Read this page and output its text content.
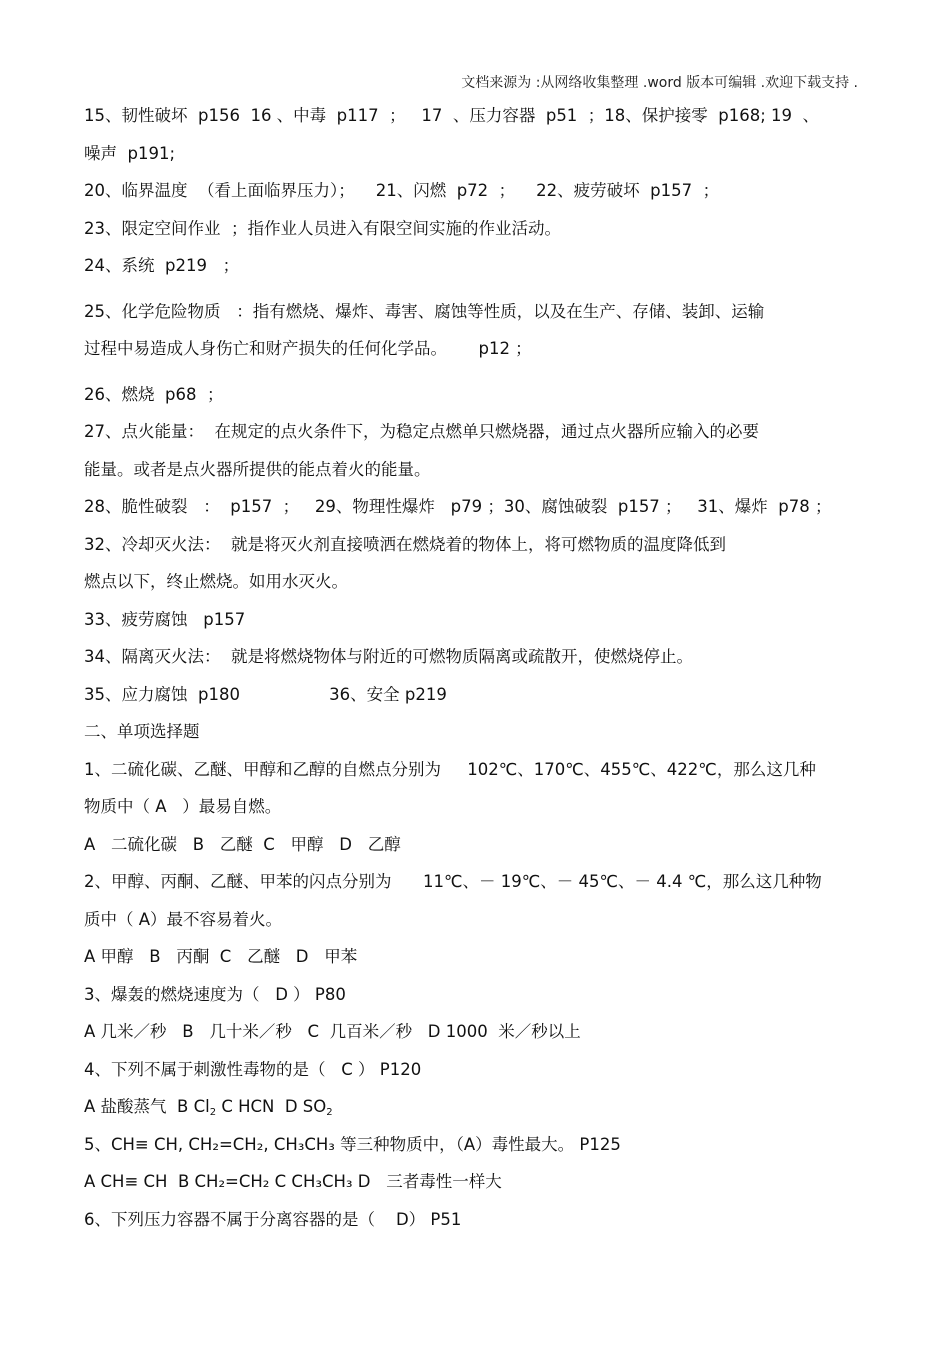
文档来源为 :从网络收集整理 .word 版本可编辑 .欢迎下载支持 .
15、韧性破坏  p156  16 、中毒  p117  ；   17  、压力容器  p51  ；18、保护接零  p168; 19  、
噪声  p191;
20、临界温度  （看上面临界压力）；    21、闪燃  p72  ；    22、疲劳破坏  p157  ；
23、限定空间作业  ；指作业人员进入有限空间实施的作业活动。
24、系统  p219   ；
25、化学危险物质   ：指有燃烧、爆炸、毒害、腐蚀等性质，以及在生产、存储、装卸、运输
过程中易造成人身伤亡和财产损失的任何化学品。      p12 ；
26、燃烧  p68  ；
27、点火能量：  在规定的点火条件下，为稳定点燃单只燃烧器，通过点火器所应输入的必要
能量。或者是点火器所提供的能点着火的能量。
28、脆性破裂   ：  p157  ；   29、物理性爆炸   p79 ；30、腐蚀破裂  p157 ；   31、爆炸  p78 ；
32、冷却灭火法：  就是将灭火剂直接喷洒在燃烧着的物体上，将可燃物质的温度降低到
燃点以下，终止燃烧。如用水灭火。
33、疲劳腐蚀   p157
34、隔离灭火法：  就是将燃烧物体与附近的可燃物质隔离或疏散开，使燃烧停止。
35、应力腐蚀  p180                 36、安全 p219
二、单项选择题
1、二硫化碳、乙醚、甲醇和乙醇的自燃点分别为     102℃、170℃、455℃、422℃，那么这几种
物质中（ A   ）最易自燃。
A   二硫化碳   B   乙醚  C   甲醇   D   乙醇
2、甲醇、丙酮、乙醚、甲苯的闪点分别为      11℃、－ 19℃、－ 45℃、－ 4.4 ℃，那么这几种物
质中（ A）最不容易着火。
A 甲醇   B   丙酮  C   乙醚   D   甲苯
3、爆轰的燃烧速度为（   D ） P80
A 几米／秒   B   几十米／秒   C  几百米／秒   D 1000  米／秒以上
4、下列不属于刺激性毒物的是（   C ） P120
A 盐酸蒸气  B $Cl_2$ C HCN  D $SO_2$
5、CH≡ CH, CH₂=CH₂, CH₃CH₃ 等三种物质中，（A）毒性最大。 P125
A CH≡ CH  B CH₂=CH₂ C CH₃CH₃ D   三者毒性一样大
6、下列压力容器不属于分离容器的是（    D） P51
